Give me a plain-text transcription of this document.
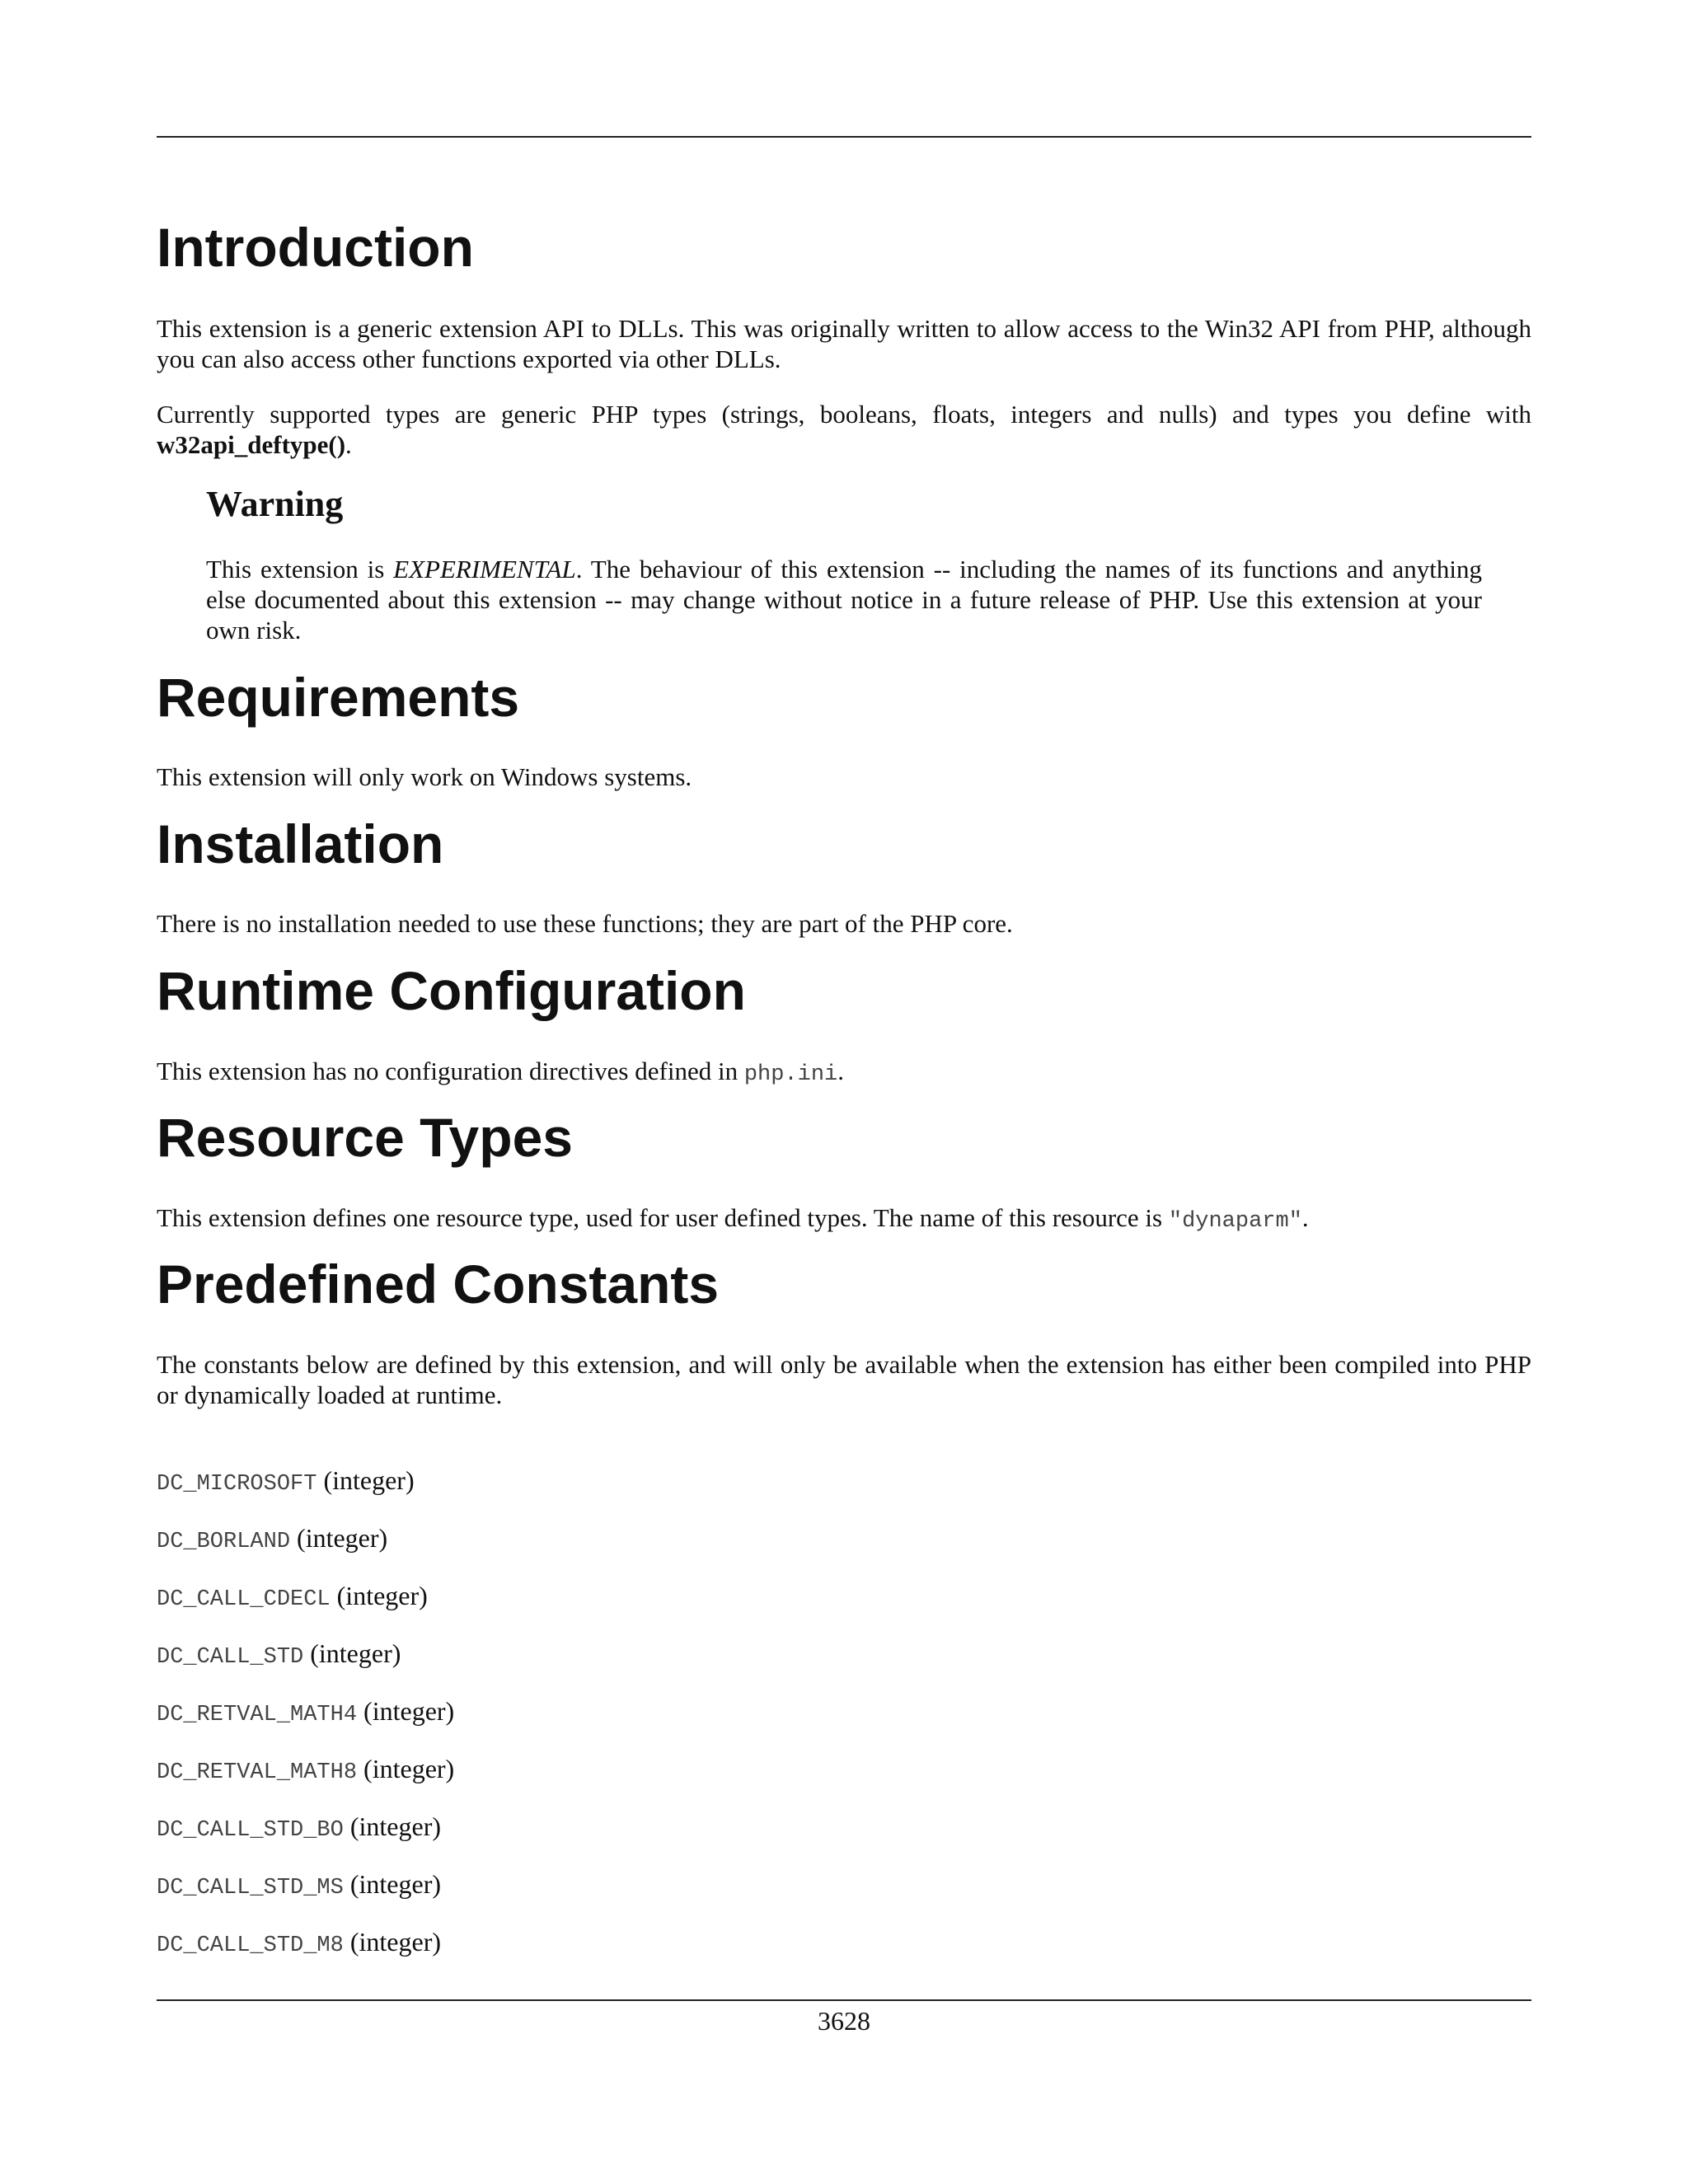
Introduction

This extension is a generic extension API to DLLs. This was originally written to allow access to the Win32 API from PHP, although you can also access other functions exported via other DLLs.

Currently supported types are generic PHP types (strings, booleans, floats, integers and nulls) and types you define with w32api_deftype().

Warning

This extension is EXPERIMENTAL. The behaviour of this extension -- including the names of its functions and anything else documented about this extension -- may change without notice in a future release of PHP. Use this extension at your own risk.

Requirements

This extension will only work on Windows systems.

Installation

There is no installation needed to use these functions; they are part of the PHP core.

Runtime Configuration

This extension has no configuration directives defined in php.ini.

Resource Types

This extension defines one resource type, used for user defined types. The name of this resource is "dynaparm".

Predefined Constants

The constants below are defined by this extension, and will only be available when the extension has either been compiled into PHP or dynamically loaded at runtime.

DC_MICROSOFT (integer)
DC_BORLAND (integer)
DC_CALL_CDECL (integer)
DC_CALL_STD (integer)
DC_RETVAL_MATH4 (integer)
DC_RETVAL_MATH8 (integer)
DC_CALL_STD_BO (integer)
DC_CALL_STD_MS (integer)
DC_CALL_STD_M8 (integer)
3628
